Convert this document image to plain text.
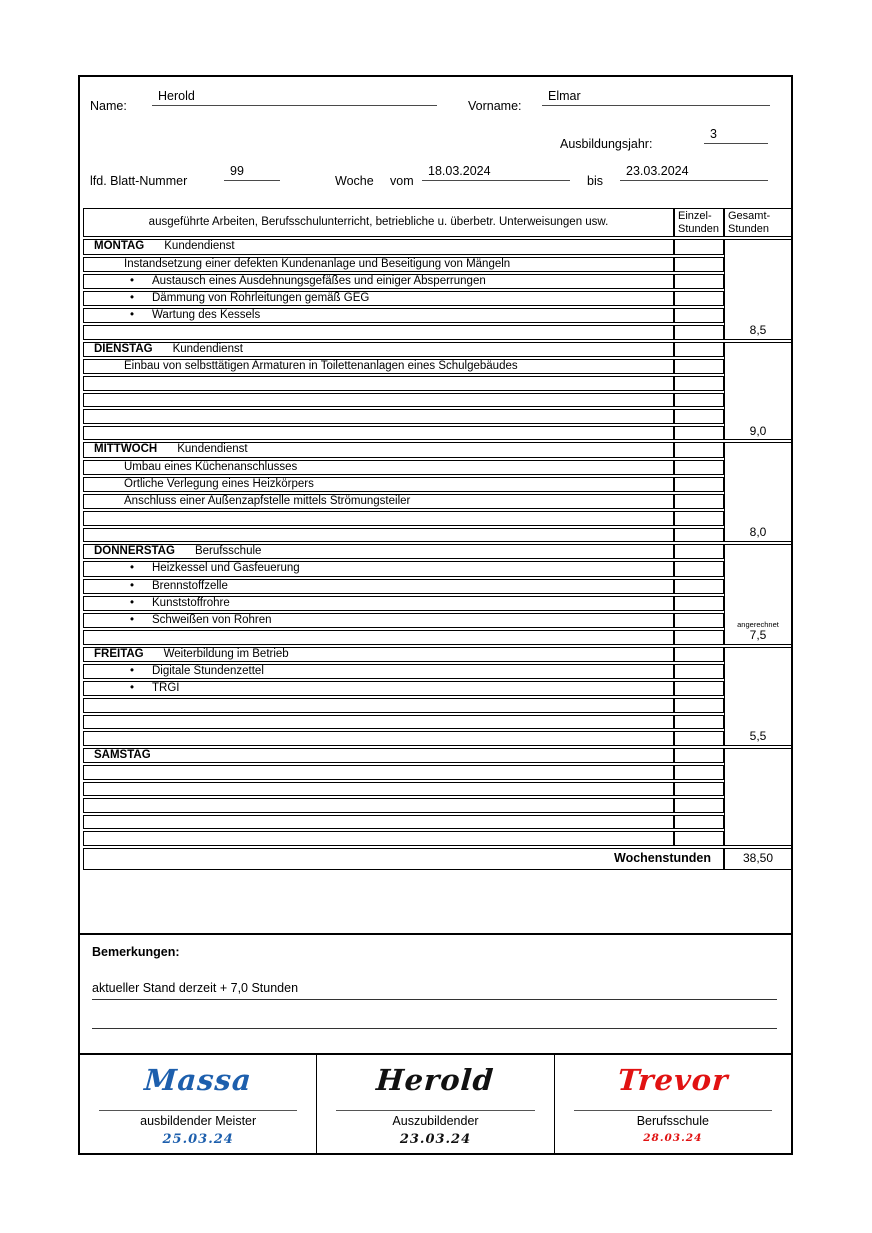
Name:
Herold
Vorname:
Elmar
Ausbildungsjahr:
3
lfd. Blatt-Nummer
99
Woche vom
18.03.2024
bis
23.03.2024
ausgeführte Arbeiten, Berufsschulunterricht, betriebliche u. überbetr. Unterweisungen usw.	Einzel-
Stunden	Gesamt-
Stunden
MONTAG Kundendienst		8,5

Instandsetzung einer defekten Kundenanlage und Beseitigung von Mängeln		
• Austausch eines Ausdehnungsgefäßes und einiger Absperrungen		
• Dämmung von Rohrleitungen gemäß GEG		
• Wartung des Kessels		

DIENSTAG Kundendienst		9,0

Einbau von selbsttätigen Armaturen in Toilettenanlagen eines Schulgebäudes		

MITTWOCH Kundendienst		8,0

Umbau eines Küchenanschlusses		
Örtliche Verlegung eines Heizkörpers		
Anschluss einer Außenzapfstelle mittels Strömungsteiler		

DONNERSTAG Berufsschule		angerechnet
7,5

• Heizkessel und Gasfeuerung		
• Brennstoffzelle		
• Kunststoffrohre		
• Schweißen von Rohren		

FREITAG Weiterbildung im Betrieb		5,5

• Digitale Stundenzettel		
• TRGI		

SAMSTAG		

Wochenstunden		38,50
Bemerkungen:
aktueller Stand derzeit + 7,0 Stunden
Massa
ausbildender Meister
25.03.24
Herold
Auszubildender
23.03.24
Trevor
Berufsschule
28.03.24
